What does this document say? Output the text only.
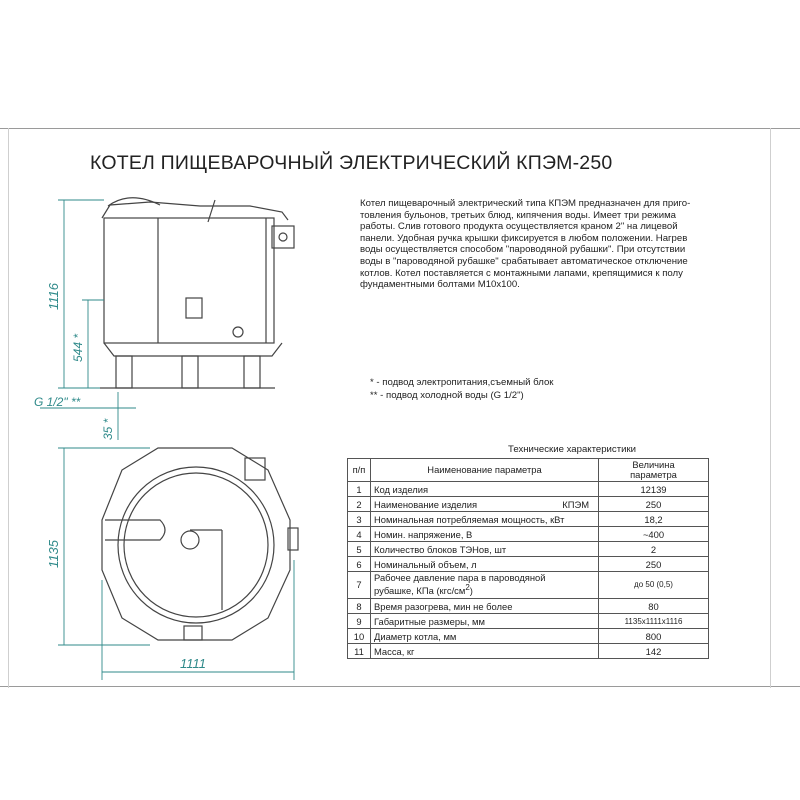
КОТЕЛ ПИЩЕВАРОЧНЫЙ ЭЛЕКТРИЧЕСКИЙ КПЭМ-250
Котел пищеварочный электрический типа КПЭМ предназначен для приго-
товления бульонов, третьих блюд, кипячения воды. Имеет три режима
работы. Слив готового продукта осуществляется краном 2" на лицевой
панели. Удобная ручка крышки фиксируется в любом положении. Нагрев
воды осуществляется способом "пароводяной рубашки". При отсутствии
воды в "пароводяной рубашке" срабатывает автоматическое отключение
котлов. Котел поставляется с монтажными лапами, крепящимися к полу
фундаментными болтами М10х100.
* - подвод электропитания,съемный блок
** - подвод холодной воды (G 1/2")
Технические характеристики
п/п	Наименование параметра	Величина
параметра

1	Код изделия	12139
2	Наименование изделия КПЭМ	250
3	Номинальная потребляемая мощность, кВт	18,2
4	Номин. напряжение, В	~400
5	Количество блоков ТЭНов, шт	2
6	Номинальный объем, л	250
7	Рабочее давление пара в пароводяной
рубашке, КПа $(кгс/см^2)$	до 50 (0,5)
8	Время разогрева, мин не более	80
9	Габаритные размеры, мм	1135х1111х1116
10	Диаметр котла, мм	800
11	Масса, кг	142
1116
544 *
G 1/2" **
35 *
1135
1111
